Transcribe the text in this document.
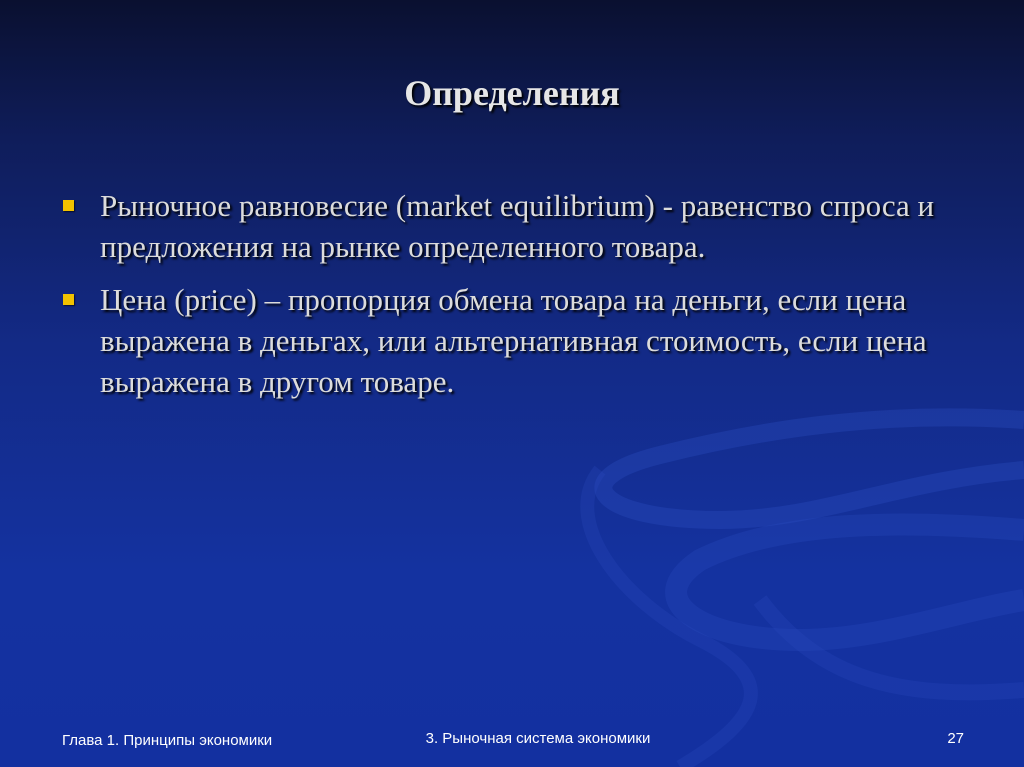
Определения
Рыночное равновесие (market equilibrium) - равенство спроса и предложения на рынке определенного товара.
Цена (price) – пропорция обмена товара на деньги, если цена выражена в деньгах, или альтернативная стоимость, если цена выражена в другом товаре.
Глава 1. Принципы экономики	3. Рыночная система экономики	27
